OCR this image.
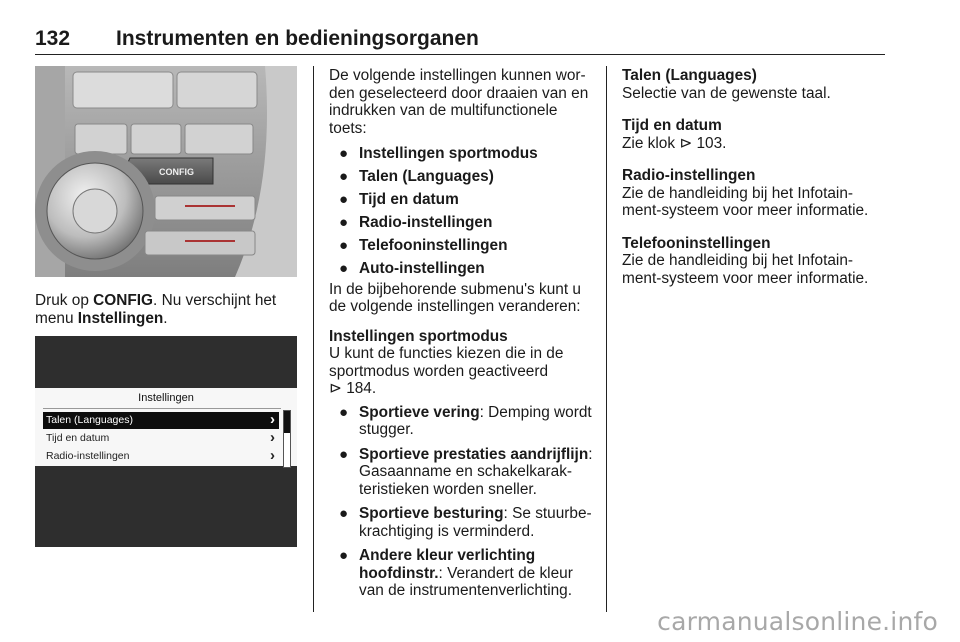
132 Instrumenten en bedieningsorganen
CONFIG
Instellingen
Talen (Languages)	›
Tijd en datum	›
Radio-instellingen	›

Druk op CONFIG. Nu verschijnt het menu Instellingen.

De volgende instellingen kunnen wor-den geselecteerd door draaien van en indrukken van de multifunctionele toets:

● Instellingen sportmodus
● Talen (Languages)
● Tijd en datum
● Radio-instellingen
● Telefooninstellingen
● Auto-instellingen

In de bijbehorende submenu's kunt u de volgende instellingen veranderen:

Instellingen sportmodus

U kunt de functies kiezen die in de sportmodus worden geactiveerd
⊳ 184.

● Sportieve vering: Demping wordt stugger.
● Sportieve prestaties aandrijflijn: Gasaanname en schakelkarak-teristieken worden sneller.
● Sportieve besturing: Se stuurbe-krachtiging is verminderd.
● Andere kleur verlichting hoofdinstr.: Verandert de kleur van de instrumentenverlichting.

Talen (Languages)

Selectie van de gewenste taal.

Tijd en datum

Zie klok ⊳ 103.

Radio-instellingen

Zie de handleiding bij het Infotain-ment-systeem voor meer informatie.

Telefooninstellingen

Zie de handleiding bij het Infotain-ment-systeem voor meer informatie.

carmanualsonline.info
